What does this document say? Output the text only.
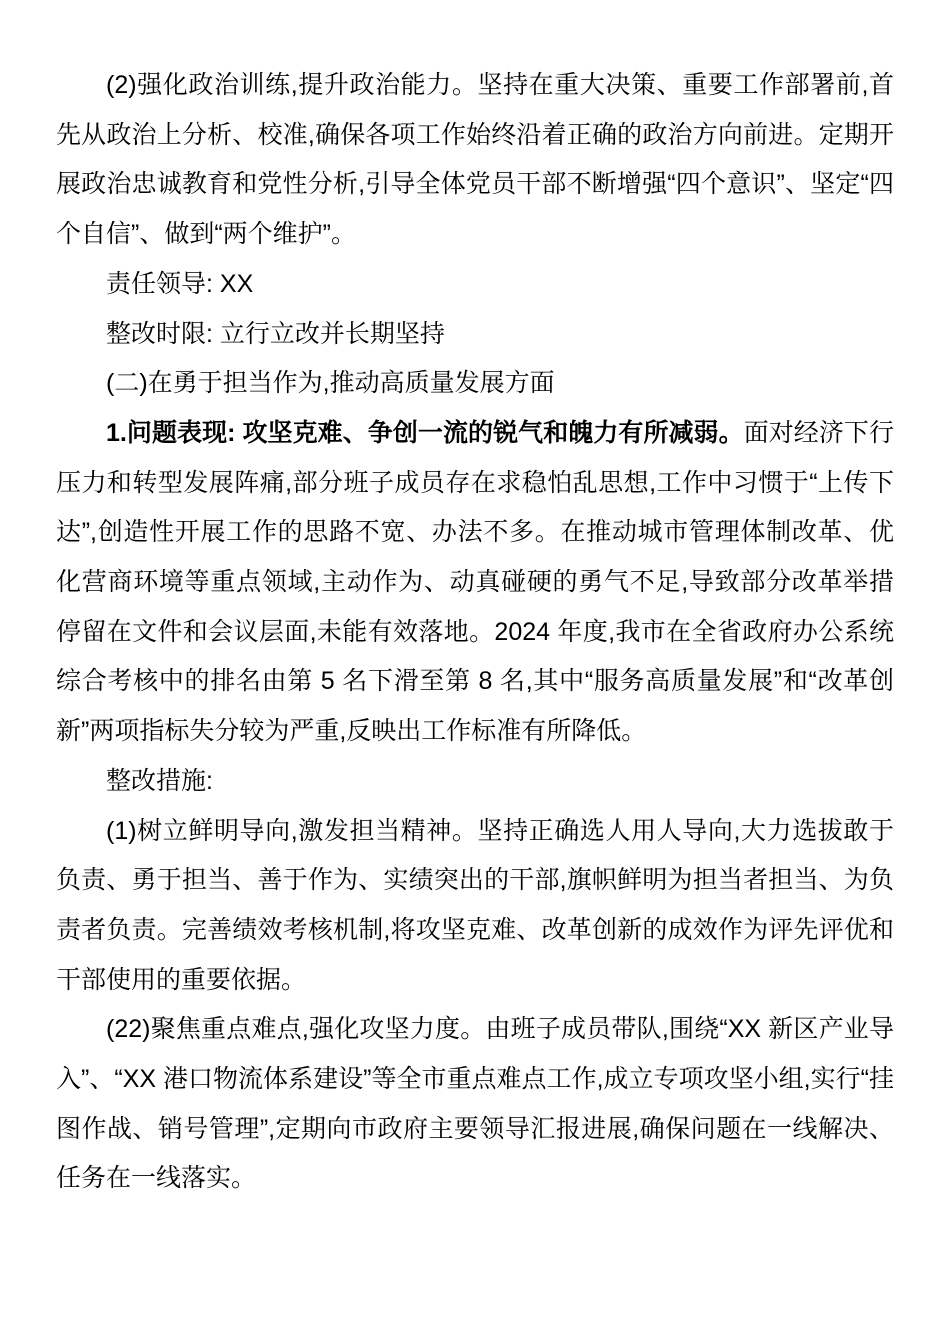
(2)强化政治训练,提升政治能力。坚持在重大决策、重要工作部署前,首先从政治上分析、校准,确保各项工作始终沿着正确的政治方向前进。定期开展政治忠诚教育和党性分析,引导全体党员干部不断增强“四个意识”、坚定“四个自信”、做到“两个维护”。

责任领导: XX

整改时限: 立行立改并长期坚持

(二)在勇于担当作为,推动高质量发展方面

1.问题表现: 攻坚克难、争创一流的锐气和魄力有所减弱。面对经济下行压力和转型发展阵痛,部分班子成员存在求稳怕乱思想,工作中习惯于“上传下达”,创造性开展工作的思路不宽、办法不多。在推动城市管理体制改革、优化营商环境等重点领域,主动作为、动真碰硬的勇气不足,导致部分改革举措停留在文件和会议层面,未能有效落地。2024 年度,我市在全省政府办公系统综合考核中的排名由第 5 名下滑至第 8 名,其中“服务高质量发展”和“改革创新”两项指标失分较为严重,反映出工作标准有所降低。

整改措施:

(1)树立鲜明导向,激发担当精神。坚持正确选人用人导向,大力选拔敢于负责、勇于担当、善于作为、实绩突出的干部,旗帜鲜明为担当者担当、为负责者负责。完善绩效考核机制,将攻坚克难、改革创新的成效作为评先评优和干部使用的重要依据。

(22)聚焦重点难点,强化攻坚力度。由班子成员带队,围绕“XX 新区产业导入”、“XX 港口物流体系建设”等全市重点难点工作,成立专项攻坚小组,实行“挂图作战、销号管理”,定期向市政府主要领导汇报进展,确保问题在一线解决、任务在一线落实。
